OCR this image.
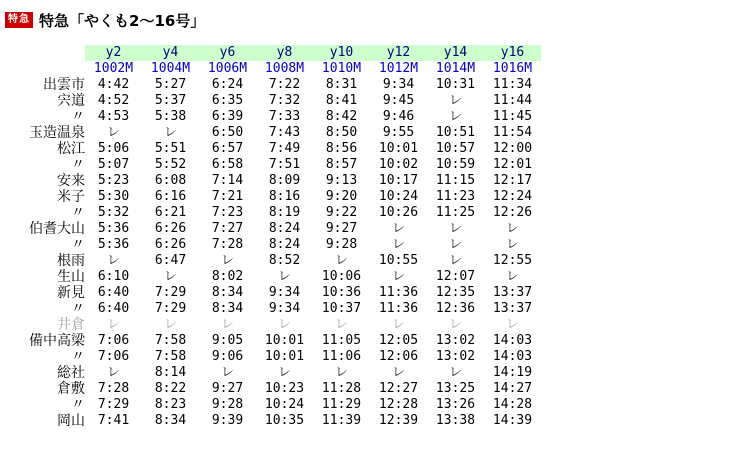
特急 特急「やくも2〜16号」
	y2	y4	y6	y8	y10	y12	y14	y16
	1002M	1004M	1006M	1008M	1010M	1012M	1014M	1016M
出雲市	4:42	5:27	6:24	7:22	8:31	9:34	10:31	11:34
宍道	4:52	5:37	6:35	7:32	8:41	9:45	レ	11:44
〃	4:53	5:38	6:39	7:33	8:42	9:46	レ	11:45
玉造温泉	レ	レ	6:50	7:43	8:50	9:55	10:51	11:54
松江	5:06	5:51	6:57	7:49	8:56	10:01	10:57	12:00
〃	5:07	5:52	6:58	7:51	8:57	10:02	10:59	12:01
安来	5:23	6:08	7:14	8:09	9:13	10:17	11:15	12:17
米子	5:30	6:16	7:21	8:16	9:20	10:24	11:23	12:24
〃	5:32	6:21	7:23	8:19	9:22	10:26	11:25	12:26
伯耆大山	5:36	6:26	7:27	8:24	9:27	レ	レ	レ
〃	5:36	6:26	7:28	8:24	9:28	レ	レ	レ
根雨	レ	6:47	レ	8:52	レ	10:55	レ	12:55
生山	6:10	レ	8:02	レ	10:06	レ	12:07	レ
新見	6:40	7:29	8:34	9:34	10:36	11:36	12:35	13:37
〃	6:40	7:29	8:34	9:34	10:37	11:36	12:36	13:37
井倉	レ	レ	レ	レ	レ	レ	レ	レ
備中高梁	7:06	7:58	9:05	10:01	11:05	12:05	13:02	14:03
〃	7:06	7:58	9:06	10:01	11:06	12:06	13:02	14:03
総社	レ	8:14	レ	レ	レ	レ	レ	14:19
倉敷	7:28	8:22	9:27	10:23	11:28	12:27	13:25	14:27
〃	7:29	8:23	9:28	10:24	11:29	12:28	13:26	14:28
岡山	7:41	8:34	9:39	10:35	11:39	12:39	13:38	14:39
